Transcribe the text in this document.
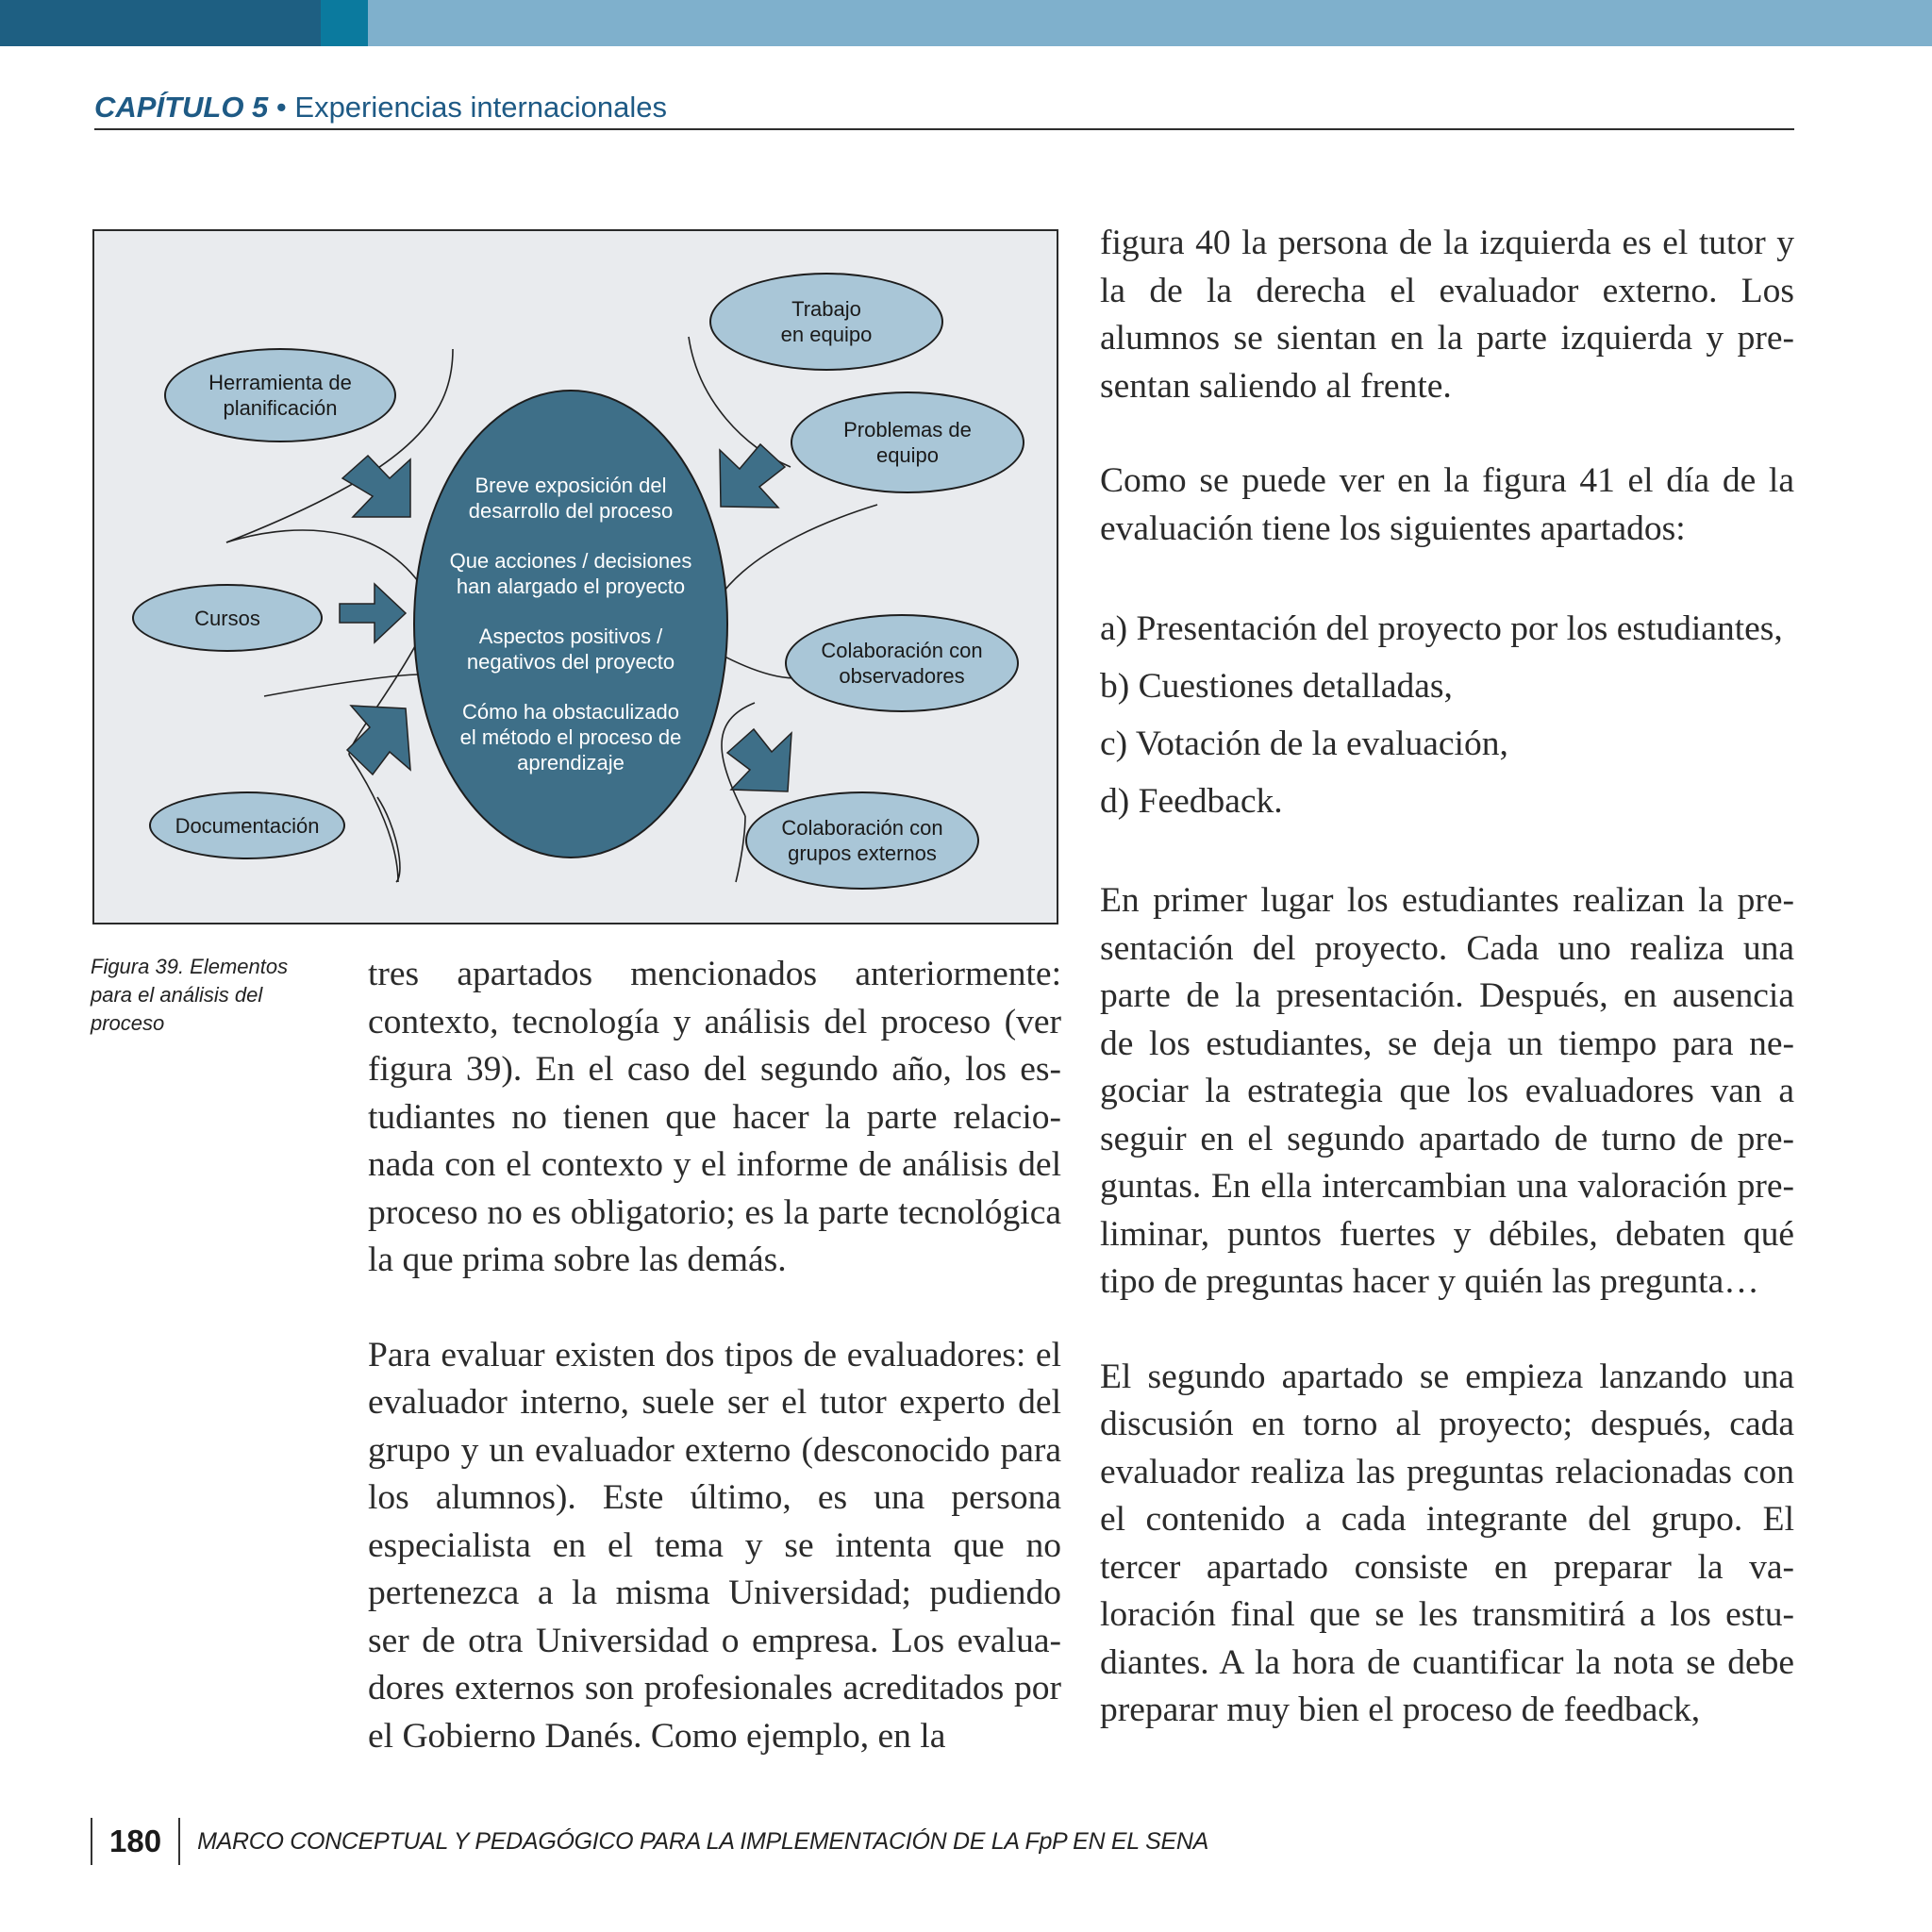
CAPÍTULO 5 • Experiencias internacionales
Herramienta de
planificación
Cursos
Documentación
Trabajo
en equipo
Problemas de
equipo
Colaboración con
observadores
Colaboración con
grupos externos
Breve exposición del
desarrollo del proceso
Que acciones / decisiones
han alargado el proyecto
Aspectos positivos /
negativos del proyecto
Cómo ha obstaculizado
el método el proceso de
aprendizaje
Figura 39. Elementos
para el análisis del
proceso

tres apartados mencionados anteriormente: contexto, tecnología y análisis del proceso (ver figura 39). En el caso del segundo año, los estudiantes no tienen que hacer la parte relacionada con el contexto y el informe de análisis del proceso no es obligatorio; es la parte tecnológica la que prima sobre las demás.

Para evaluar existen dos tipos de evaluadores: el evaluador interno, suele ser el tutor experto del grupo y un evaluador externo (desconocido para los alumnos). Este último, es una persona especialista en el tema y se intenta que no pertenezca a la misma Universidad; pudiendo ser de otra Universidad o empresa. Los evaluadores externos son profesionales acreditados por el Gobierno Danés. Como ejemplo, en la

figura 40 la persona de la izquierda es el tutor y la de la derecha el evaluador externo. Los alumnos se sientan en la parte izquierda y presentan saliendo al frente.

Como se puede ver en la figura 41 el día de la evaluación tiene los siguientes apartados:

a) Presentación del proyecto por los estudiantes,

b) Cuestiones detalladas,

c) Votación de la evaluación,

d) Feedback.

En primer lugar los estudiantes realizan la presentación del proyecto. Cada uno realiza una parte de la presentación. Después, en ausencia de los estudiantes, se deja un tiempo para negociar la estrategia que los evaluadores van a seguir en el segundo apartado de turno de preguntas. En ella intercambian una valoración preliminar, puntos fuertes y débiles, debaten qué tipo de preguntas hacer y quién las pregunta…

El segundo apartado se empieza lanzando una discusión en torno al proyecto; después, cada evaluador realiza las preguntas relacionadas con el contenido a cada integrante del grupo. El tercer apartado consiste en preparar la valoración final que se les transmitirá a los estudiantes. A la hora de cuantificar la nota se debe preparar muy bien el proceso de feedback,

180 MARCO CONCEPTUAL Y PEDAGÓGICO PARA LA IMPLEMENTACIÓN DE LA FpP EN EL SENA
